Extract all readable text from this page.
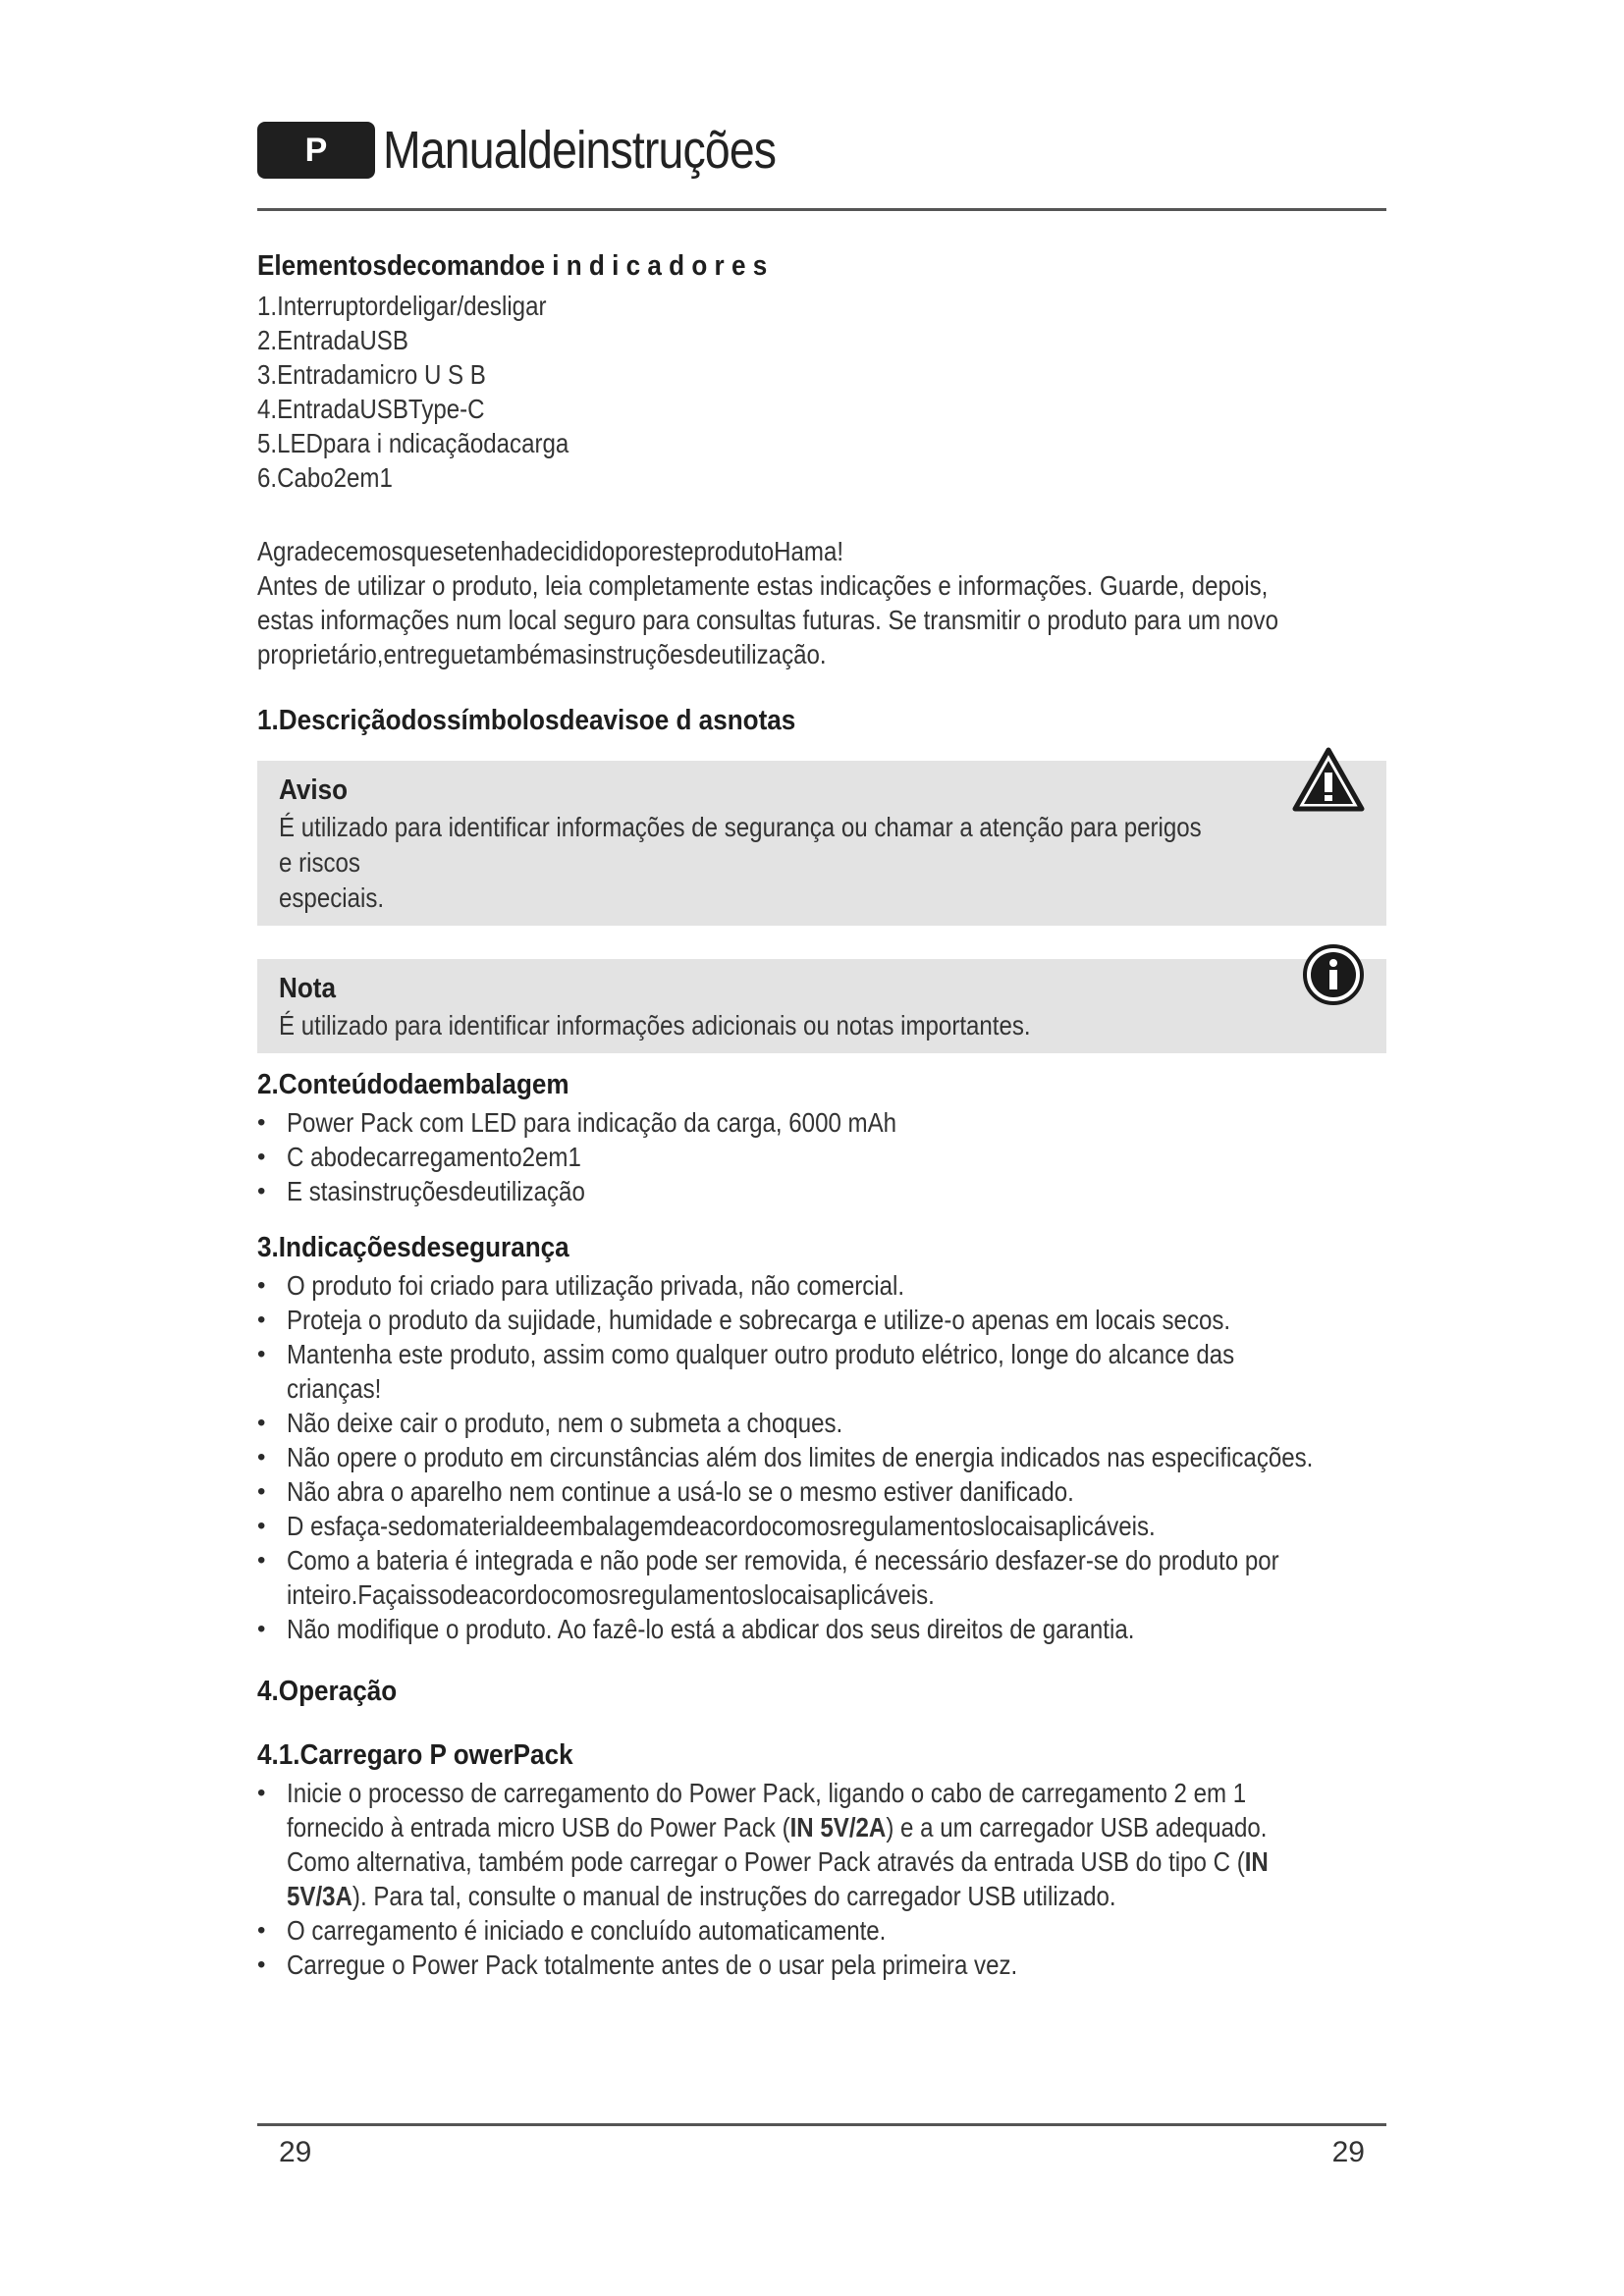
P	Manualdeinstruções
Elementosdecomandoe i n d i c a d o r e s
1.Interruptordeligar/desligar
2.EntradaUSB
3.Entradamicro U S B
4.EntradaUSBType-C
5.LEDpara i ndicaçãodacarga
6.Cabo2em1
AgradecemosquesetenhadecididoporesteprodutoHama!
Antes de utilizar o produto, leia completamente estas indicações e informações. Guarde, depois,
estas informações num local seguro para consultas futuras. Se transmitir o produto para um novo
proprietário,entreguetambémasinstruçõesdeutilização.
1.Descriçãodossímbolosdeavisoe d asnotas
Aviso
É utilizado para identificar informações de segurança ou chamar a atenção para perigos e riscos
especiais.
Nota
É utilizado para identificar informações adicionais ou notas importantes.
2.Conteúdodaembalagem
• Power Pack com LED para indicação da carga, 6000 mAh
• C abodecarregamento2em1
• E stasinstruçõesdeutilização
3.Indicaçõesdesegurança
• O produto foi criado para utilização privada, não comercial.
• Proteja o produto da sujidade, humidade e sobrecarga e utilize-o apenas em locais secos.
• Mantenha este produto, assim como qualquer outro produto elétrico, longe do alcance das
crianças!
• Não deixe cair o produto, nem o submeta a choques.
• Não opere o produto em circunstâncias além dos limites de energia indicados nas especificações.
• Não abra o aparelho nem continue a usá-lo se o mesmo estiver danificado.
• D esfaça-sedomaterialdeembalagemdeacordocomosregulamentoslocaisaplicáveis.
• Como a bateria é integrada e não pode ser removida, é necessário desfazer-se do produto por
inteiro.Façaissodeacordocomosregulamentoslocaisaplicáveis.
• Não modifique o produto. Ao fazê-lo está a abdicar dos seus direitos de garantia.
4.Operação
4.1.Carregaro P owerPack
• Inicie o processo de carregamento do Power Pack, ligando o cabo de carregamento 2 em 1
fornecido à entrada micro USB do Power Pack (IN 5V/2A) e a um carregador USB adequado.
Como alternativa, também pode carregar o Power Pack através da entrada USB do tipo C (IN
5V/3A). Para tal, consulte o manual de instruções do carregador USB utilizado.
• O carregamento é iniciado e concluído automaticamente.
• Carregue o Power Pack totalmente antes de o usar pela primeira vez.
29	29
